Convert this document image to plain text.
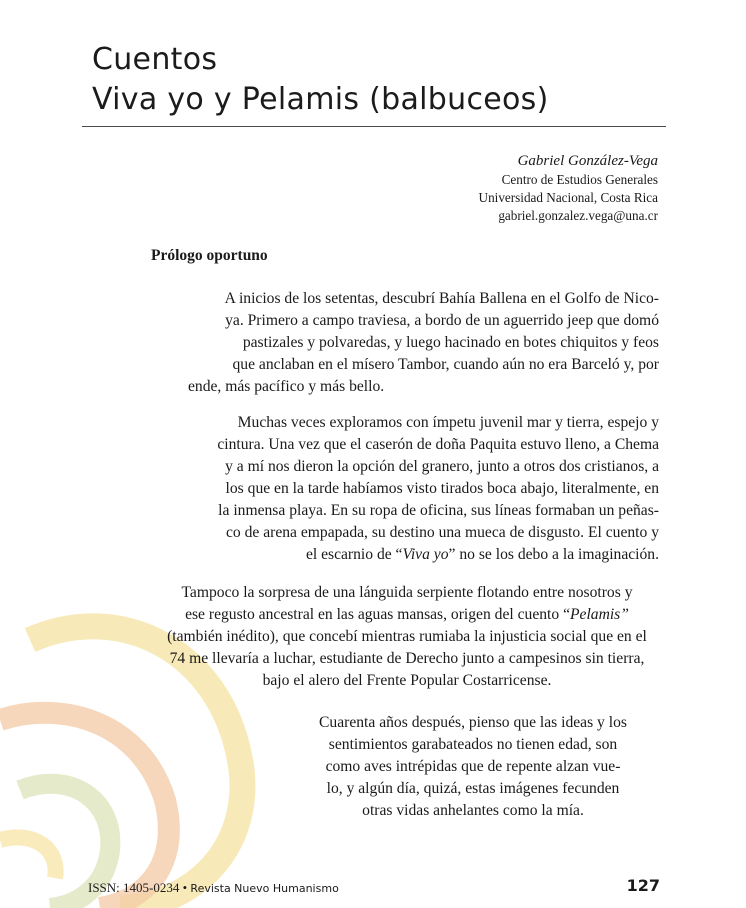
Cuentos
Viva yo y Pelamis (balbuceos)
Gabriel González-Vega
Centro de Estudios Generales
Universidad Nacional, Costa Rica
gabriel.gonzalez.vega@una.cr
Prólogo oportuno
A inicios de los setentas, descubrí Bahía Ballena en el Golfo de Nico-
ya. Primero a campo traviesa, a bordo de un aguerrido jeep que domó
pastizales y polvaredas, y luego hacinado en botes chiquitos y feos
que anclaban en el mísero Tambor, cuando aún no era Barceló y, por
ende, más pacífico y más bello.
Muchas veces exploramos con ímpetu juvenil mar y tierra, espejo y
cintura. Una vez que el caserón de doña Paquita estuvo lleno, a Chema
y a mí nos dieron la opción del granero, junto a otros dos cristianos, a
los que en la tarde habíamos visto tirados boca abajo, literalmente, en
la inmensa playa. En su ropa de oficina, sus líneas formaban un peñas-
co de arena empapada, su destino una mueca de disgusto. El cuento y
el escarnio de “Viva yo” no se los debo a la imaginación.
Tampoco la sorpresa de una lánguida serpiente flotando entre nosotros y
ese regusto ancestral en las aguas mansas, origen del cuento “Pelamis”
(también inédito), que concebí mientras rumiaba la injusticia social que en el
74 me llevaría a luchar, estudiante de Derecho junto a campesinos sin tierra,
bajo el alero del Frente Popular Costarricense.
Cuarenta años después, pienso que las ideas y los
sentimientos garabateados no tienen edad, son
como aves intrépidas que de repente alzan vue-
lo, y algún día, quizá, estas imágenes fecunden
otras vidas anhelantes como la mía.
ISSN: 1405-0234 • Revista Nuevo Humanismo	127
